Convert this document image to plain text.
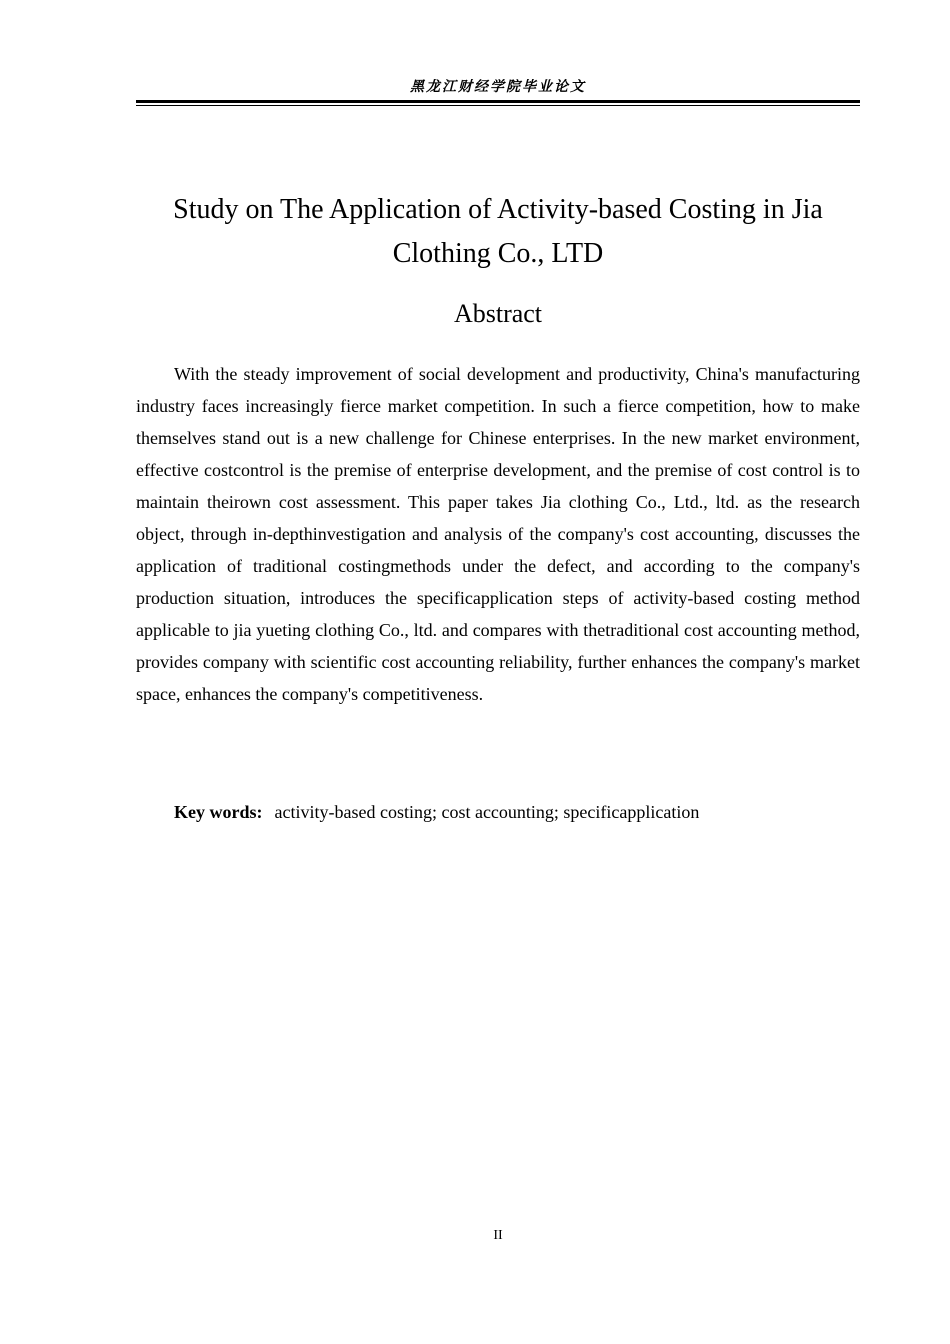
黑龙江财经学院毕业论文
Study on The Application of Activity-based Costing in Jia Clothing Co., LTD
Abstract

With the steady improvement of social development and productivity, China's manufacturing industry faces increasingly fierce market competition. In such a fierce competition, how to make themselves stand out is a new challenge for Chinese enterprises. In the new market environment, effective costcontrol is the premise of enterprise development, and the premise of cost control is to maintain theirown cost assessment. This paper takes Jia clothing Co., Ltd., ltd. as the research object, through in-depthinvestigation and analysis of the company's cost accounting, discusses the application of traditional costingmethods under the defect, and according to the company's production situation, introduces the specificapplication steps of activity-based costing method applicable to jia yueting clothing Co., ltd. and compares with thetraditional cost accounting method, provides company with scientific cost accounting reliability, further enhances the company's market space, enhances the company's competitiveness.

Key words: activity-based costing; cost accounting; specificapplication
II
